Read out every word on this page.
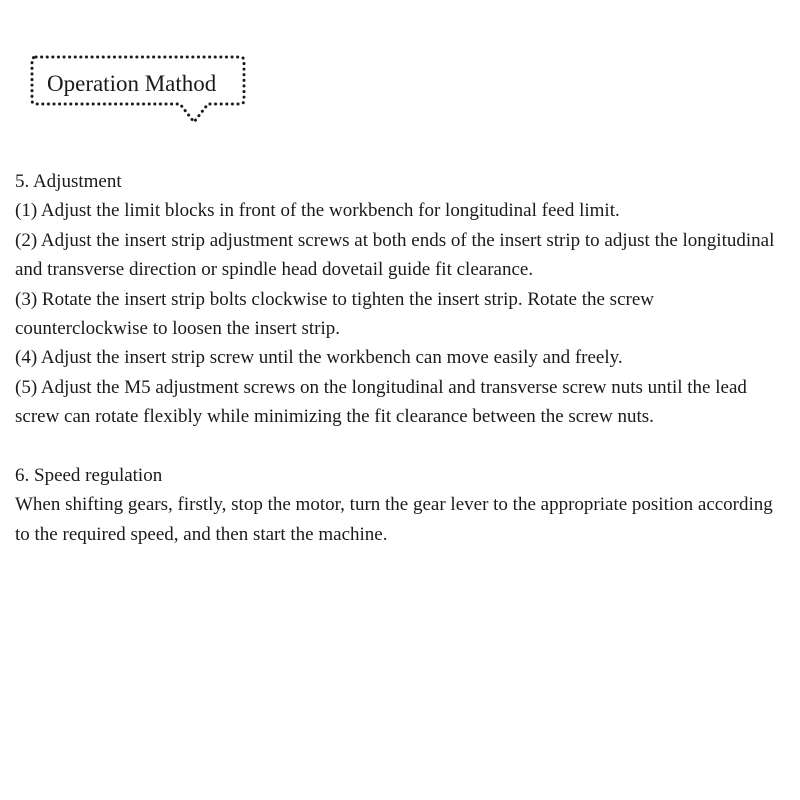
Operation Mathod

5. Adjustment

(1) Adjust the limit blocks in front of the workbench for longitudinal feed limit.

(2) Adjust the insert strip adjustment screws at both ends of the insert strip to adjust the longitudinal and transverse direction or spindle head dovetail guide fit clearance.

(3) Rotate the insert strip bolts clockwise to tighten the insert strip. Rotate the screw counterclockwise to loosen the insert strip.

(4) Adjust the insert strip screw until the workbench can move easily and freely.

(5) Adjust the M5 adjustment screws on the longitudinal and transverse screw nuts until the lead screw can rotate flexibly while minimizing the fit clearance between the screw nuts.

6. Speed regulation

When shifting gears, firstly, stop the motor, turn the gear lever to the appropriate position according to the required speed, and then start the machine.
